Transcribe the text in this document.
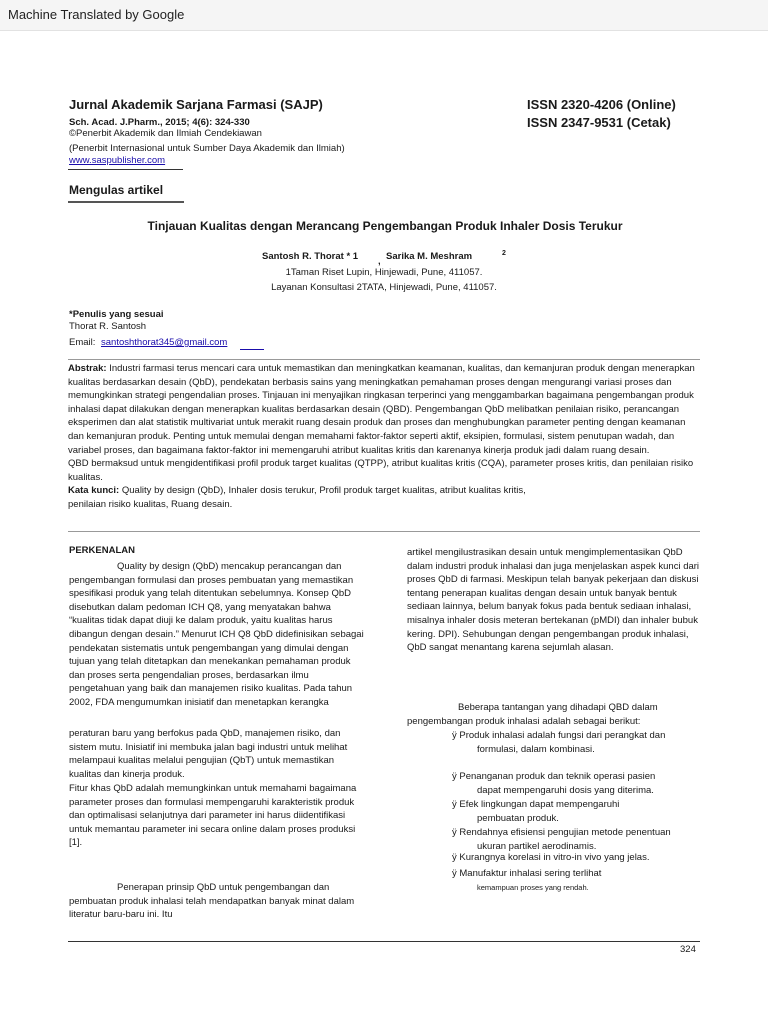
Machine Translated by Google
Jurnal Akademik Sarjana Farmasi (SAJP)
Sch. Acad. J.Pharm., 2015; 4(6): 324-330
©Penerbit Akademik dan Ilmiah Cendekiawan
(Penerbit Internasional untuk Sumber Daya Akademik dan Ilmiah)
www.saspublisher.com
ISSN 2320-4206 (Online)
ISSN 2347-9531 (Cetak)
Mengulas artikel
Tinjauan Kualitas dengan Merancang Pengembangan Produk Inhaler Dosis Terukur
Santosh R. Thorat * 1 , Sarika M. Meshram	2
1Taman Riset Lupin, Hinjewadi, Pune, 411057.
Layanan Konsultasi 2TATA, Hinjewadi, Pune, 411057.
*Penulis yang sesuai
Thorat R. Santosh
Email: santoshthorat345@gmail.com

Abstrak: Industri farmasi terus mencari cara untuk memastikan dan meningkatkan keamanan, kualitas, dan kemanjuran produk dengan menerapkan kualitas berdasarkan desain (QbD), pendekatan berbasis sains yang meningkatkan pemahaman proses dengan mengurangi variasi proses dan memungkinkan strategi pengendalian proses. Tinjauan ini menyajikan ringkasan terperinci yang menggambarkan bagaimana pengembangan produk inhalasi dapat dilakukan dengan menerapkan kualitas berdasarkan desain (QBD). Pengembangan QbD melibatkan penilaian risiko, perancangan eksperimen dan alat statistik multivariat untuk merakit ruang desain produk dan proses dan menghubungkan parameter penting dengan keamanan dan kemanjuran produk. Penting untuk memulai dengan memahami faktor-faktor seperti aktif, eksipien, formulasi, sistem penutupan wadah, dan variabel proses, dan bagaimana faktor-faktor ini memengaruhi atribut kualitas kritis dan karenanya kinerja produk jadi dalam ruang desain.

QBD bermaksud untuk mengidentifikasi profil produk target kualitas (QTPP), atribut kualitas kritis (CQA), parameter proses kritis, dan penilaian risiko kualitas.

Kata kunci: Quality by design (QbD), Inhaler dosis terukur, Profil produk target kualitas, atribut kualitas kritis,

penilaian risiko kualitas, Ruang desain.

PERKENALAN
Quality by design (QbD) mencakup perancangan dan pengembangan formulasi dan proses pembuatan yang memastikan spesifikasi produk yang telah ditentukan sebelumnya. Konsep QbD disebutkan dalam pedoman ICH Q8, yang menyatakan bahwa “kualitas tidak dapat diuji ke dalam produk, yaitu kualitas harus dibangun dengan desain.” Menurut ICH Q8 QbD didefinisikan sebagai pendekatan sistematis untuk pengembangan yang dimulai dengan tujuan yang telah ditetapkan dan menekankan pemahaman produk dan proses serta pengendalian proses, berdasarkan ilmu pengetahuan yang baik dan manajemen risiko kualitas. Pada tahun 2002, FDA mengumumkan inisiatif dan menetapkan kerangka
peraturan baru yang berfokus pada QbD, manajemen risiko, dan sistem mutu. Inisiatif ini membuka jalan bagi industri untuk melihat melampaui kualitas melalui pengujian (QbT) untuk memastikan kualitas dan kinerja produk.
Fitur khas QbD adalah memungkinkan untuk memahami bagaimana parameter proses dan formulasi mempengaruhi karakteristik produk dan optimalisasi selanjutnya dari parameter ini harus diidentifikasi untuk memantau parameter ini secara online dalam proses produksi [1].
Penerapan prinsip QbD untuk pengembangan dan pembuatan produk inhalasi telah mendapatkan banyak minat dalam literatur baru-baru ini. Itu
artikel mengilustrasikan desain untuk mengimplementasikan QbD dalam industri produk inhalasi dan juga menjelaskan aspek kunci dari proses QbD di farmasi. Meskipun telah banyak pekerjaan dan diskusi tentang penerapan kualitas dengan desain untuk banyak bentuk sediaan lainnya, belum banyak fokus pada bentuk sediaan inhalasi, misalnya inhaler dosis meteran bertekanan (pMDI) dan inhaler bubuk kering. DPI). Sehubungan dengan pengembangan produk inhalasi, QbD sangat menantang karena sejumlah alasan.
Beberapa tantangan yang dihadapi QBD dalam pengembangan produk inhalasi adalah sebagai berikut:
ÿ Produk inhalasi adalah fungsi dari perangkat dan
formulasi, dalam kombinasi.
ÿ Penanganan produk dan teknik operasi pasien
dapat mempengaruhi dosis yang diterima.
ÿ Efek lingkungan dapat mempengaruhi
pembuatan produk.
ÿ Rendahnya efisiensi pengujian metode penentuan
ukuran partikel aerodinamis.
ÿ Kurangnya korelasi in vitro-in vivo yang jelas.
ÿ Manufaktur inhalasi sering terlihat
kemampuan proses yang rendah.
324
